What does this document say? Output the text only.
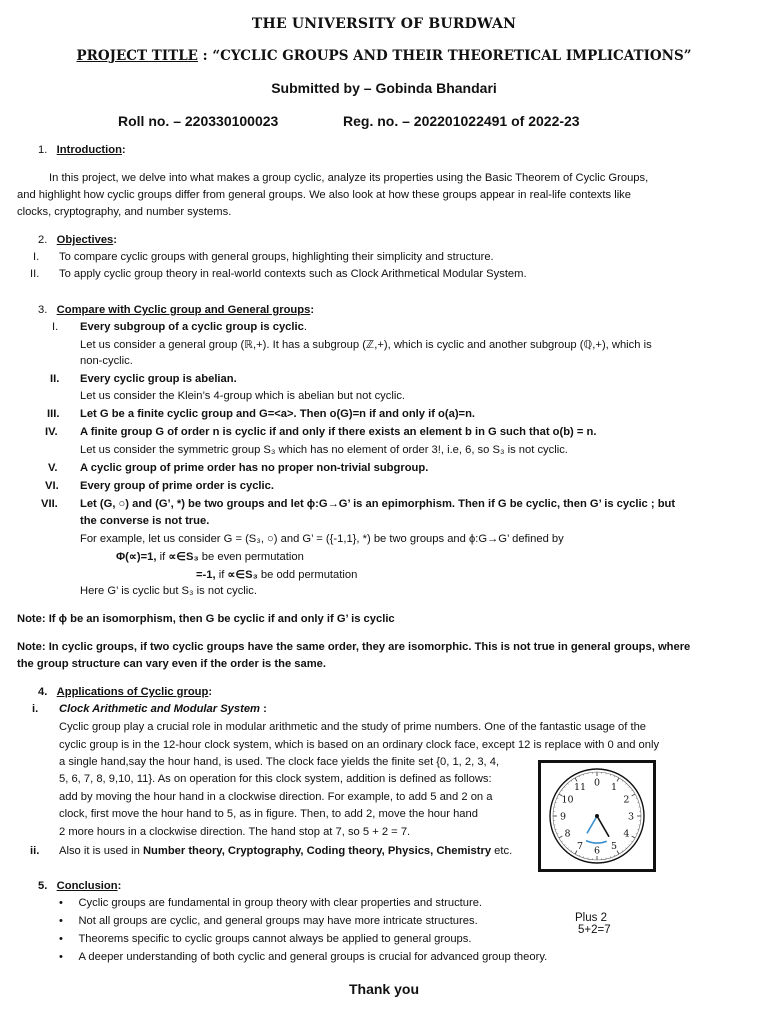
THE UNIVERSITY OF BURDWAN
PROJECT TITLE : “CYCLIC GROUPS AND THEIR THEORETICAL IMPLICATIONS”
Submitted by – Gobinda Bhandari
Roll no. – 220330100023	Reg. no. – 202201022491 of 2022-23
1. Introduction:
In this project, we delve into what makes a group cyclic, analyze its properties using the Basic Theorem of Cyclic Groups,
and highlight how cyclic groups differ from general groups. We also look at how these groups appear in real-life contexts like
clocks, cryptography, and number systems.
2. Objectives:
I. To compare cyclic groups with general groups, highlighting their simplicity and structure.
II. To apply cyclic group theory in real-world contexts such as Clock Arithmetical Modular System.
3. Compare with Cyclic group and General groups:
I. Every subgroup of a cyclic group is cyclic.
Let us consider a general group (ℝ,+). It has a subgroup (ℤ,+), which is cyclic and another subgroup (ℚ,+), which is
non-cyclic.
II. Every cyclic group is abelian.
Let us consider the Klein’s 4-group which is abelian but not cyclic.
III. Let G be a finite cyclic group and G=<a>. Then o(G)=n if and only if o(a)=n.
IV. A finite group G of order n is cyclic if and only if there exists an element b in G such that o(b) = n.
Let us consider the symmetric group S₃ which has no element of order 3!, i.e, 6, so S₃ is not cyclic.
V. A cyclic group of prime order has no proper non-trivial subgroup.
VI. Every group of prime order is cyclic.
VII. Let (G, ○) and (G’, *) be two groups and let ϕ:G→G’ is an epimorphism. Then if G be cyclic, then G’ is cyclic ; but
the converse is not true.
For example, let us consider G = (S₃, ○) and G’ = ({-1,1}, *) be two groups and ϕ:G→G’ defined by
Φ(∝)=1, if ∝∈S₃ be even permutation
=-1, if ∝∈S₃ be odd permutation
Here G’ is cyclic but S₃ is not cyclic.
Note: If ϕ be an isomorphism, then G be cyclic if and only if G’ is cyclic
Note: In cyclic groups, if two cyclic groups have the same order, they are isomorphic. This is not true in general groups, where
the group structure can vary even if the order is the same.
4. Applications of Cyclic group:
i. Clock Arithmetic and Modular System :
Cyclic group play a crucial role in modular arithmetic and the study of prime numbers. One of the fantastic usage of the
cyclic group is in the 12-hour clock system, which is based on an ordinary clock face, except 12 is replace with 0 and only
a single hand,say the hour hand, is used. The clock face yields the finite set {0, 1, 2, 3, 4,
5, 6, 7, 8, 9,10, 11}. As on operation for this clock system, addition is defined as follows:
add by moving the hour hand in a clockwise direction. For example, to add 5 and 2 on a
clock, first move the hour hand to 5, as in figure. Then, to add 2, move the hour hand
2 more hours in a clockwise direction. The hand stop at 7, so 5 + 2 = 7.
ii. Also it is used in Number theory, Cryptography, Coding theory, Physics, Chemistry etc.
0 1
2
3
4
5
6
7
8
9
10
11
Plus 2
5+2=7
5. Conclusion:
•     Cyclic groups are fundamental in group theory with clear properties and structure.
•     Not all groups are cyclic, and general groups may have more intricate structures.
•     Theorems specific to cyclic groups cannot always be applied to general groups.
•     A deeper understanding of both cyclic and general groups is crucial for advanced group theory.
Thank you
